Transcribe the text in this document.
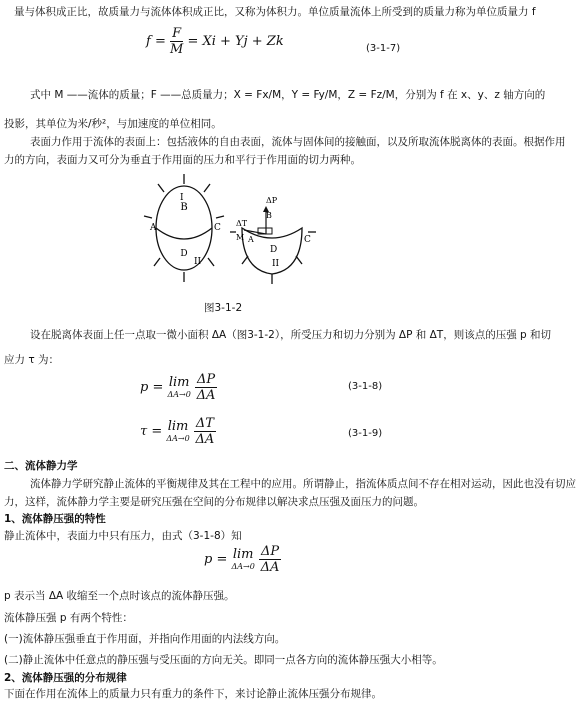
量与体积成正比，故质量力与流体体积成正比，又称为体积力。单位质量流体上所受到的质量力称为单位质量力 f
$f = \frac{F}{M} = Xi + Yj + Zk$	(3-1-7)
式中 M ——流体的质量；F ——总质量力；X = Fx/M，Y = Fy/M，Z = Fz/M，分别为 f 在 x、y、z 轴方向的
投影，其单位为米/秒²，与加速度的单位相同。
表面力作用于流体的表面上：包括液体的自由表面，流体与固体间的接触面，以及所取流体脱离体的表面。根据作用
力的方向，表面力又可分为垂直于作用面的压力和平行于作用面的切力两种。
B
A	C
D
II
I	ΔP
B
ΔT
M A	C
D
II
图3-1-2
设在脱离体表面上任一点取一微小面积 ΔA（图3-1-2），所受压力和切力分别为 ΔP 和 ΔT，则该点的压强 p 和切
应力 τ 为：
p = lim
ΔA→0
$\frac{\Delta P}{\Delta A}$	(3-1-8)
τ = lim
ΔA→0
$\frac{\Delta T}{\Delta A}$	(3-1-9)
二、流体静力学
流体静力学研究静止流体的平衡规律及其在工程中的应用。所谓静止，指流体质点间不存在相对运动，因此也没有切应
力，这样，流体静力学主要是研究压强在空间的分布规律以解决求点压强及面压力的问题。
1、流体静压强的特性
静止流体中，表面力中只有压力，由式（3-1-8）知
p = lim
ΔA→0
$\frac{\Delta P}{\Delta A}$
p 表示当 ΔA 收缩至一个点时该点的流体静压强。
流体静压强 p 有两个特性：
(一)流体静压强垂直于作用面，并指向作用面的内法线方向。
(二)静止流体中任意点的静压强与受压面的方向无关。即同一点各方向的流体静压强大小相等。
2、流体静压强的分布规律
下面在作用在流体上的质量力只有重力的条件下，来讨论静止流体压强分布规律。
